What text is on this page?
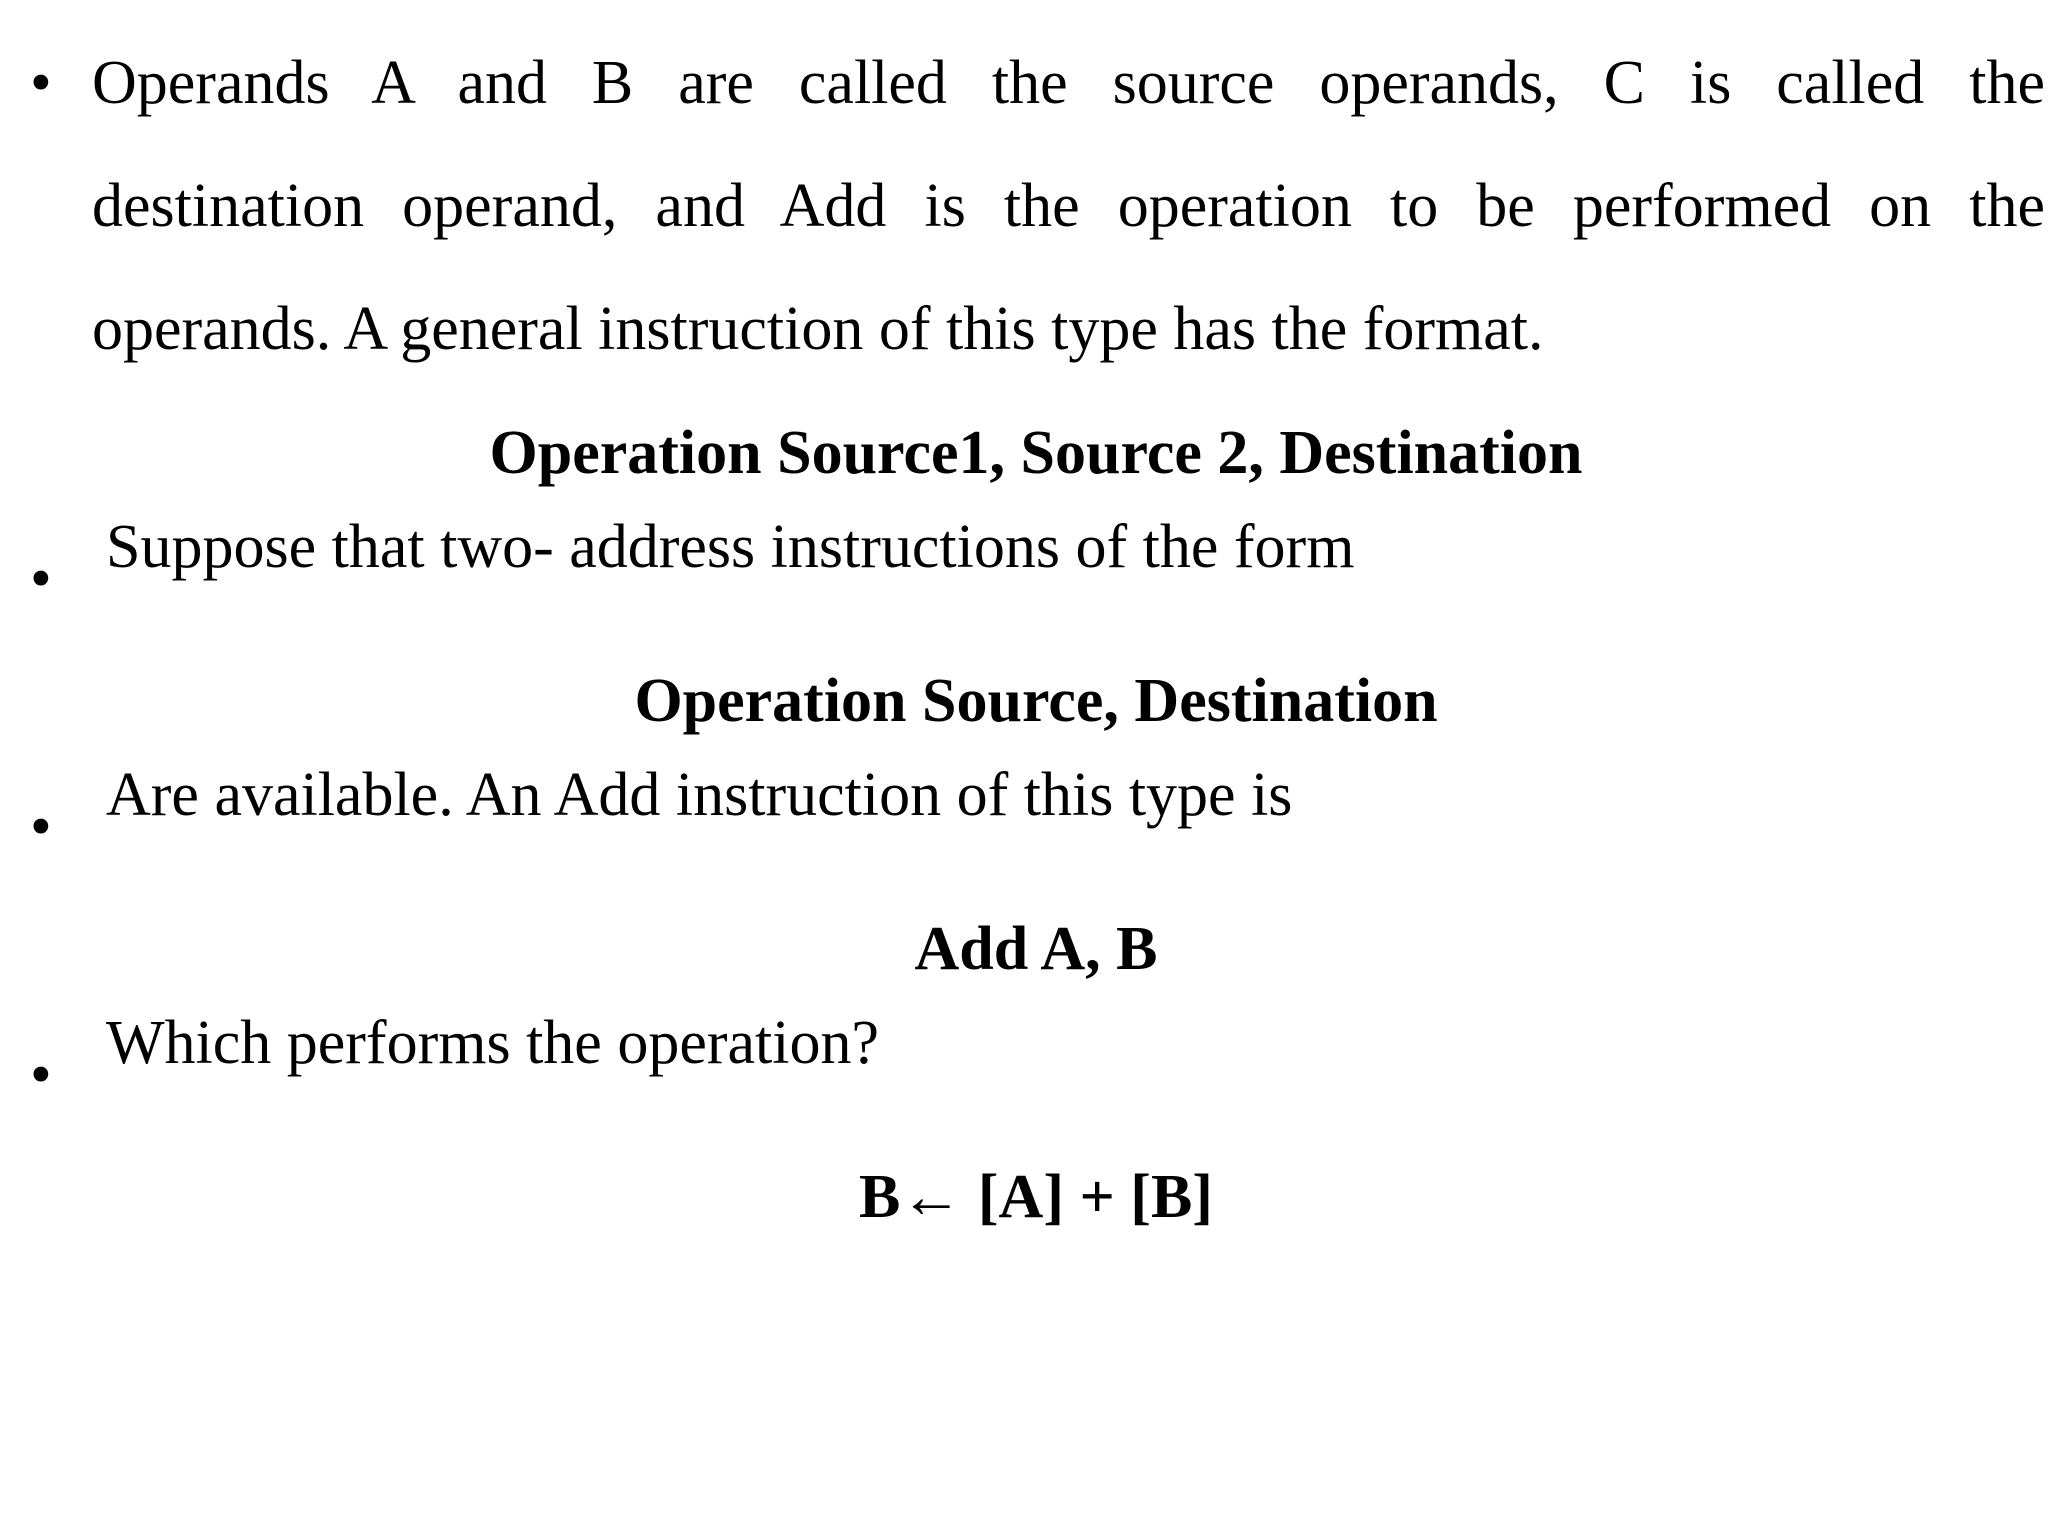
• Operands A and B are called the source operands, C is called the
destination operand, and Add is the operation to be performed on the
operands. A general instruction of this type has the format.
Operation Source1, Source 2, Destination
• Suppose that two- address instructions of the form
Operation Source, Destination
• Are available. An Add instruction of this type is
Add A, B
• Which performs the operation?
B← [A] + [B]
